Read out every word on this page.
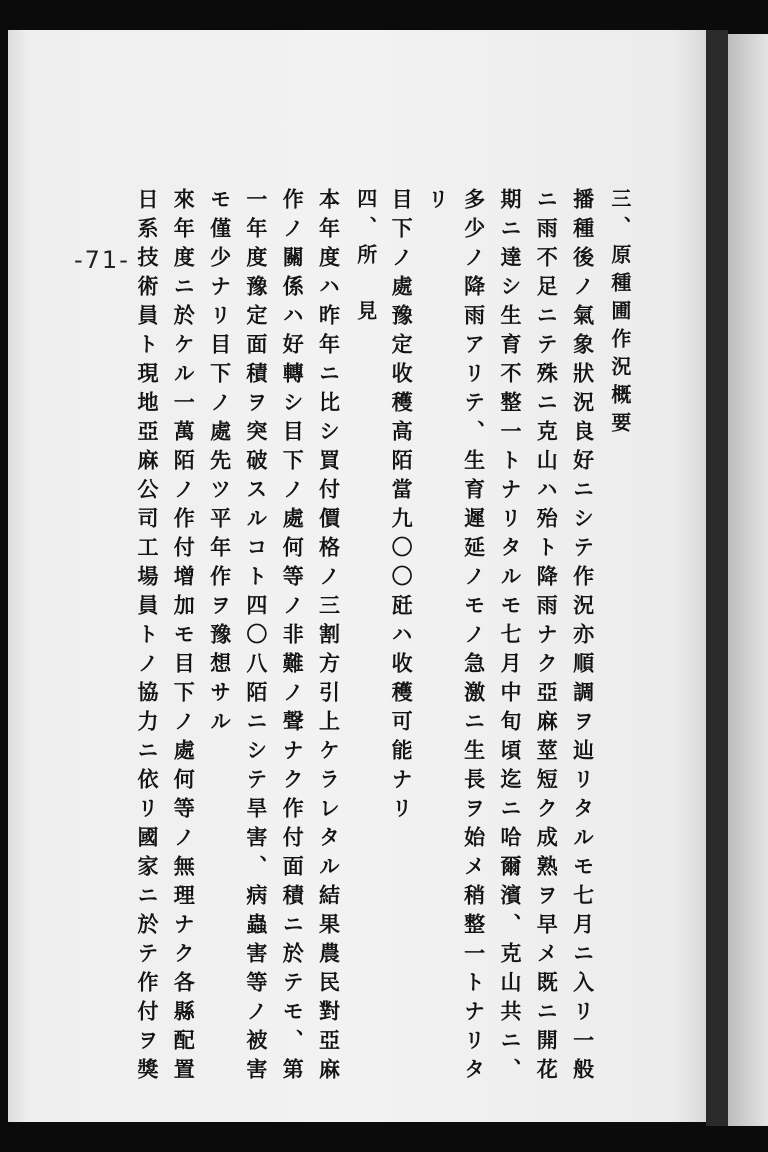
-71-	三、原種圃作況概要
播種後ノ氣象狀況良好ニシテ作況亦順調ヲ辿リタルモ七月ニ入リ一般
ニ雨不足ニテ殊ニ克山ハ殆ト降雨ナク亞麻莖短ク成熟ヲ早メ既ニ開花
期ニ達シ生育不整一トナリタルモ七月中旬頃迄ニ哈爾濱、克山共ニ、
多少ノ降雨アリテ、生育遲延ノモノ急激ニ生長ヲ始メ稍整一トナリタ
リ
目下ノ處豫定收穫高陌當九〇〇瓩ハ收穫可能ナリ
四、所　見
本年度ハ昨年ニ比シ買付價格ノ三割方引上ケラレタル結果農民對亞麻
作ノ關係ハ好轉シ目下ノ處何等ノ非難ノ聲ナク作付面積ニ於テモ、第
一年度豫定面積ヲ突破スルコト四〇八陌ニシテ旱害、病蟲害等ノ被害
モ僅少ナリ目下ノ處先ツ平年作ヲ豫想サル
來年度ニ於ケル一萬陌ノ作付增加モ目下ノ處何等ノ無理ナク各縣配置
日系技術員ト現地亞麻公司工場員トノ協力ニ依リ國家ニ於テ作付ヲ獎
